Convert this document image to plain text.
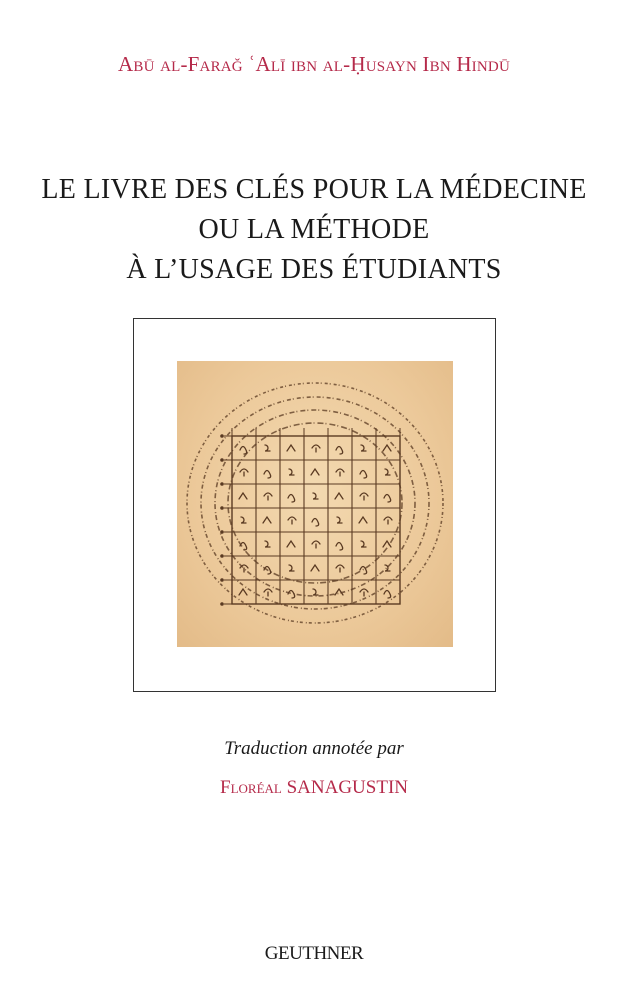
Abū al-Farağ ʿAlī ibn al-Ḥusayn Ibn Hindū
LE LIVRE DES CLÉS POUR LA MÉDECINE
OU LA MÉTHODE
À L’USAGE DES ÉTUDIANTS
Traduction annotée par
Floréal SANAGUSTIN
GEUTHNER
